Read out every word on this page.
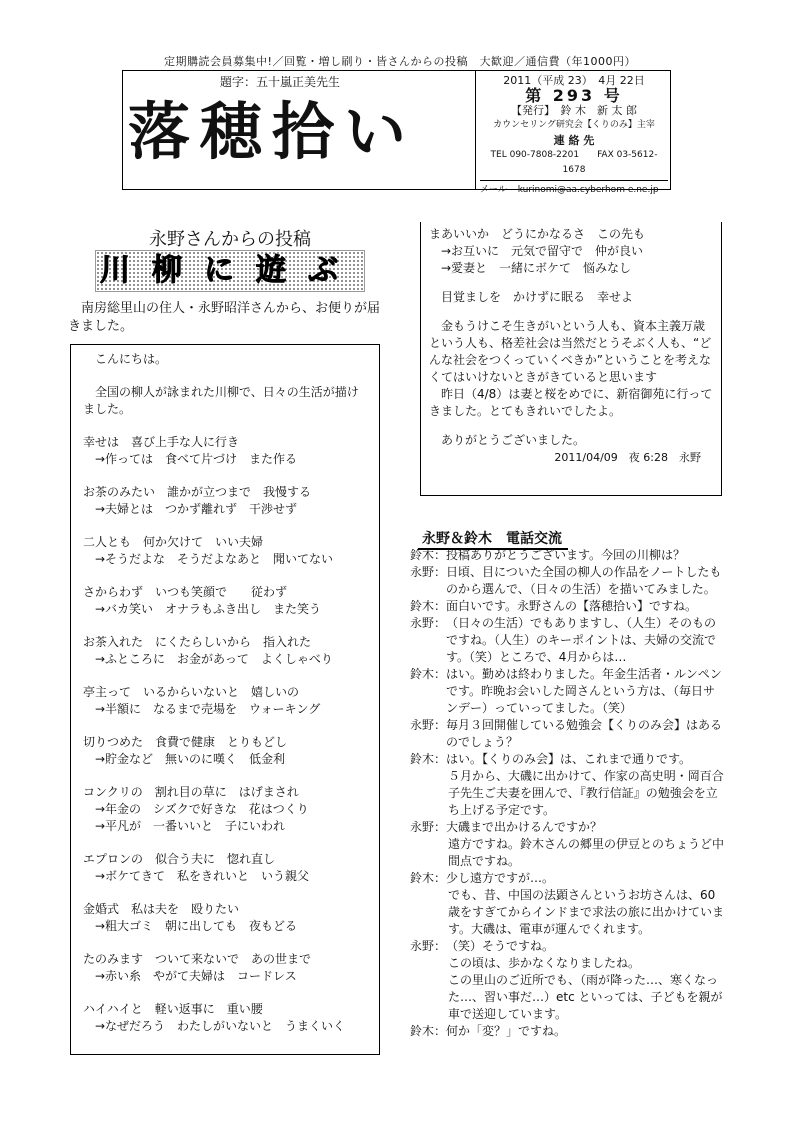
定期購読会員募集中!／回覧・増し刷り・皆さんからの投稿　大歓迎／通信費（年1000円）
題字：五十嵐正美先生
落穂拾い
2011（平成 23）　4月 22日
第 293 号
【発行】　鈴 木　新 太 郎
カウンセリング研究会【くりのみ】主宰
連 絡 先
TEL 090-7808-2201　　FAX 03-5612-1678
メール kurinomi@aa.cyberhom e.ne.jp
永野さんからの投稿
川柳に遊ぶ
南房総里山の住人・永野昭洋さんから、お便りが届きました。

こんにちは。

全国の柳人が詠まれた川柳で、日々の生活が描けました。

幸せは　喜び上手な人に行き
　→作っては　食べて片づけ　また作る
お茶のみたい　誰かが立つまで　我慢する
　→夫婦とは　つかず離れず　干渉せず
二人とも　何か欠けて　いい夫婦
　→そうだよな　そうだよなあと　聞いてない
さからわず　いつも笑顔で　　従わず
　→バカ笑い　オナラもふき出し　また笑う
お茶入れた　にくたらしいから　指入れた
　→ふところに　お金があって　よくしゃべり
亭主って　いるからいないと　嬉しいの
　→半額に　なるまで売場を　ウォーキング
切りつめた　食費で健康　とりもどし
　→貯金など　無いのに嘆く　低金利
コンクリの　割れ目の草に　はげまされ
　→年金の　シズクで好きな　花はつくり
　→平凡が　一番いいと　子にいわれ
エプロンの　似合う夫に　惚れ直し
　→ボケてきて　私をきれいと　いう親父
金婚式　私は夫を　殴りたい
　→粗大ゴミ　朝に出しても　夜もどる
たのみます　ついて来ないで　あの世まで
　→赤い糸　やがて夫婦は　コードレス
ハイハイと　軽い返事に　重い腰
　→なぜだろう　わたしがいないと　うまくいく
まあいいか　どうにかなるさ　この先も
　→お互いに　元気で留守で　仲が良い
　→愛妻と　一緒にボケて　悩みなし
目覚ましを　かけずに眠る　幸せよ
金もうけこそ生きがいという人も、資本主義万歳という人も、格差社会は当然だとうそぶく人も、“どんな社会をつくっていくべきか”ということを考えなくてはいけないときがきていると思います
昨日（4/8）は妻と桜をめでに、新宿御苑に行ってきました。とてもきれいでしたよ。
ありがとうございました。
2011/04/09　夜 6:28　永野
永野＆鈴木　電話交流
鈴木： 投稿ありがとうございます。今回の川柳は？
永野： 日頃、目についた全国の柳人の作品をノートしたものから選んで、（日々の生活）を描いてみました。
鈴木： 面白いです。永野さんの【落穂拾い】ですね。
永野： （日々の生活）でもありますし、（人生）そのものですね。（人生）のキーポイントは、夫婦の交流です。（笑）ところで、4月からは…
鈴木： はい。勤めは終わりました。年金生活者・ルンペンです。昨晩お会いした岡さんという方は、（毎日サンデー）っていってました。（笑）
永野： 毎月３回開催している勉強会【くりのみ会】はあるのでしょう？
鈴木： はい。【くりのみ会】は、これまで通りです。
５月から、大磯に出かけて、作家の高史明・岡百合子先生ご夫妻を囲んで、『教行信証』の勉強会を立ち上げる予定です。
永野： 大磯まで出かけるんですか？
遠方ですね。鈴木さんの郷里の伊豆とのちょうど中間点ですね。
鈴木： 少し遠方ですが…。
でも、昔、中国の法顕さんというお坊さんは、60歳をすぎてからインドまで求法の旅に出かけています。大磯は、電車が運んでくれます。
永野： （笑）そうですね。
この頃は、歩かなくなりましたね。
この里山のご近所でも、（雨が降った…、寒くなった…、習い事だ…）etc といっては、子どもを親が車で送迎しています。
鈴木： 何か「変？」ですね。
